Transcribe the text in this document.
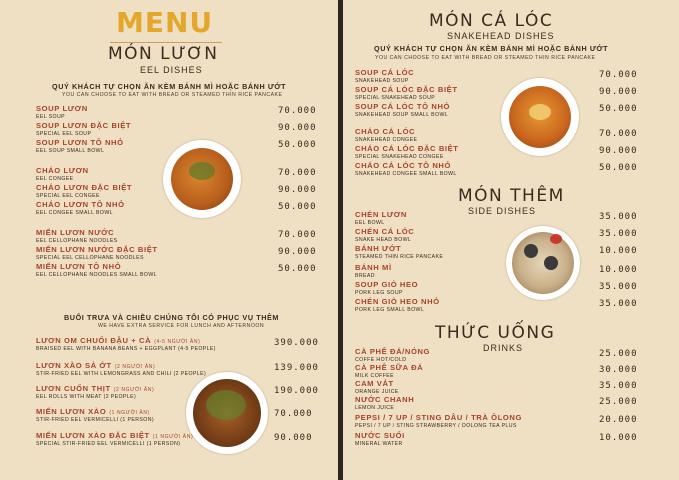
MENU
MÓN LƯƠN
EEL DISHES
QUÝ KHÁCH TỰ CHỌN ĂN KÈM BÁNH MÌ HOẶC BÁNH ƯỚT
YOU CAN CHOOSE TO EAT WITH BREAD OR STEAMED THIN RICE PANCAKE
SOUP LƯƠN
EEL SOUP
70.000
SOUP LƯƠN ĐẶC BIỆT
SPECIAL EEL SOUP
90.000
SOUP LƯƠN TÔ NHỎ
EEL SOUP SMALL BOWL
50.000
CHÁO LƯƠN
EEL CONGEE
70.000
CHÁO LƯƠN ĐẶC BIỆT
SPECIAL EEL CONGEE
90.000
CHÁO LƯƠN TÔ NHỎ
EEL CONGEE SMALL BOWL
50.000
MIẾN LƯƠN NƯỚC
EEL CELLOPHANE NOODLES
70.000
MIẾN LƯƠN NƯỚC ĐẶC BIỆT
SPECIAL EEL CELLOPHANE NOODLES
90.000
MIẾN LƯƠN TÔ NHỎ
EEL CELLOPHANE NOODLES SMALL BOWL
50.000
BUỔI TRƯA VÀ CHIỀU CHÚNG TÔI CÓ PHỤC VỤ THÊM
WE HAVE EXTRA SERVICE FOR LUNCH AND AFTERNOON
LƯƠN OM CHUỐI ĐẬU + CÀ (4-5 NGƯỜI ĂN)
BRAISED EEL WITH BANANA BEANS + EGGPLANT (4-5 PEOPLE)
390.000
LƯƠN XÀO SẢ ỚT (2 NGƯỜI ĂN)
STIR-FRIED EEL WITH LEMONGRASS AND CHILI (2 PEOPLE)
139.000
LƯƠN CUỐN THỊT (2 NGƯỜI ĂN)
EEL ROLLS WITH MEAT (2 PEOPLE)
190.000
MIẾN LƯƠN XÀO (1 NGƯỜI ĂN)
STIR-FRIED EEL VERMICELLI (1 PERSON)
70.000
MIẾN LƯƠN XÀO ĐẶC BIỆT (1 NGƯỜI ĂN)
SPECIAL STIR-FRIED EEL VERMICELLI (1 PERSON)
90.000
MÓN CÁ LÓC
SNAKEHEAD DISHES
QUÝ KHÁCH TỰ CHỌN ĂN KÈM BÁNH MÌ HOẶC BÁNH ƯỚT
YOU CAN CHOOSE TO EAT WITH BREAD OR STEAMED THIN RICE PANCAKE
SOUP CÁ LÓC
SNAKEHEAD SOUP
70.000
SOUP CÁ LÓC ĐẶC BIỆT
SPECIAL SNAKEHEAD SOUP
90.000
SOUP CÁ LÓC TÔ NHỎ
SNAKEHEAD SOUP SMALL BOWL
50.000
CHÁO CÁ LÓC
SNAKEHEAD CONGEE
70.000
CHÁO CÁ LÓC ĐẶC BIỆT
SPECIAL SNAKEHEAD CONGEE
90.000
CHÁO CÁ LÓC TÔ NHỎ
SNAKEHEAD CONGEE SMALL BOWL
50.000
MÓN THÊM
SIDE DISHES
CHÉN LƯƠN
EEL BOWL
35.000
CHÉN CÁ LÓC
SNAKE HEAD BOWL
35.000
BÁNH ƯỚT
STEAMED THIN RICE PANCAKE
10.000
BÁNH MÌ
BREAD
10.000
SOUP GIÒ HEO
PORK LEG SOUP
35.000
CHÉN GIÒ HEO NHỎ
PORK LEG SMALL BOWL
35.000
THỨC UỐNG
DRINKS
CÀ PHÊ ĐÁ/NÓNG
COFFE HOT/COLD
25.000
CÀ PHÊ SỮA ĐÁ
MILK COFFEE
30.000
CAM VẮT
ORANGE JUICE
35.000
NƯỚC CHANH
LEMON JUICE
25.000
PEPSI / 7 UP / STING DÂU / TRÀ ÔLONG
PEPSI / 7 UP / STING STRAWBERRY / OOLONG TEA PLUS
20.000
NƯỚC SUỐI
MINERAL WATER
10.000
